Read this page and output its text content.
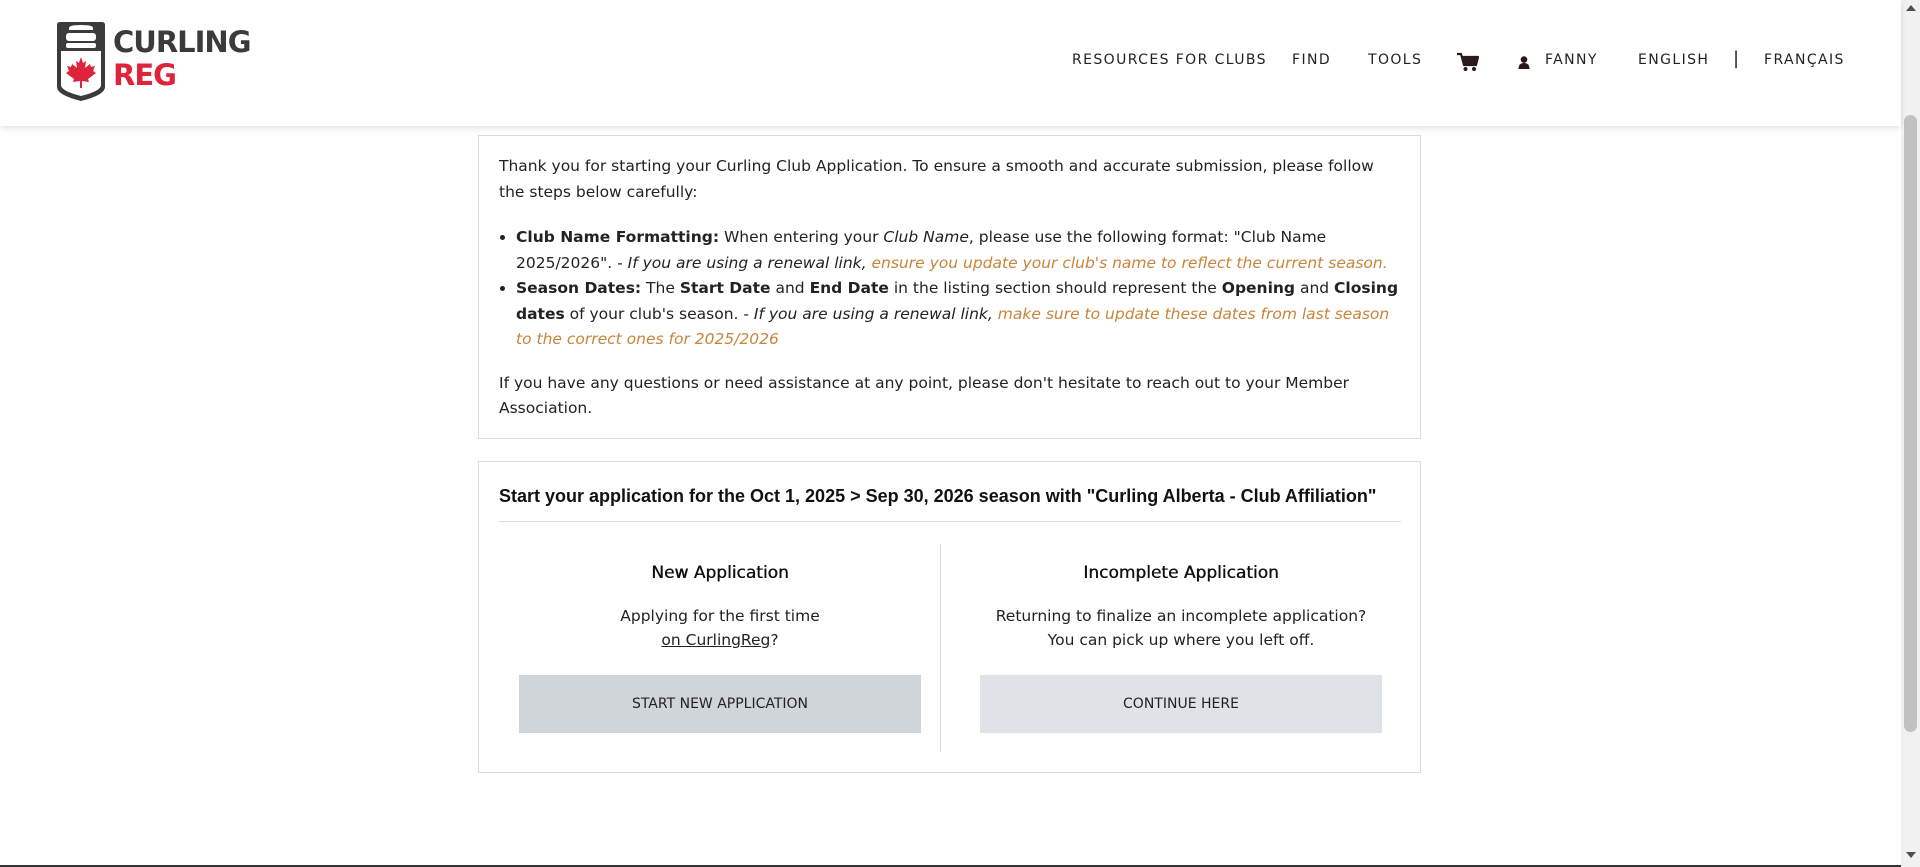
CURLING
REG	RESOURCES FOR CLUBS FIND	TOOLS	FANNY	ENGLISH | FRANÇAIS

Thank you for starting your Curling Club Application. To ensure a smooth and accurate submission, please follow the steps below carefully:

• Club Name Formatting: When entering your Club Name, please use the following format: "Club Name 2025/2026". - If you are using a renewal link, ensure you update your club's name to reflect the current season.
• Season Dates: The Start Date and End Date in the listing section should represent the Opening and Closing dates of your club's season. - If you are using a renewal link, make sure to update these dates from last season to the correct ones for 2025/2026

If you have any questions or need assistance at any point, please don't hesitate to reach out to your Member Association.

Start your application for the Oct 1, 2025 > Sep 30, 2026 season with "Curling Alberta - Club Affiliation"
New Application
Applying for the first time
on CurlingReg?
START NEW APPLICATION
Incomplete Application
Returning to finalize an incomplete application? You can pick up where you left off.
CONTINUE HERE
